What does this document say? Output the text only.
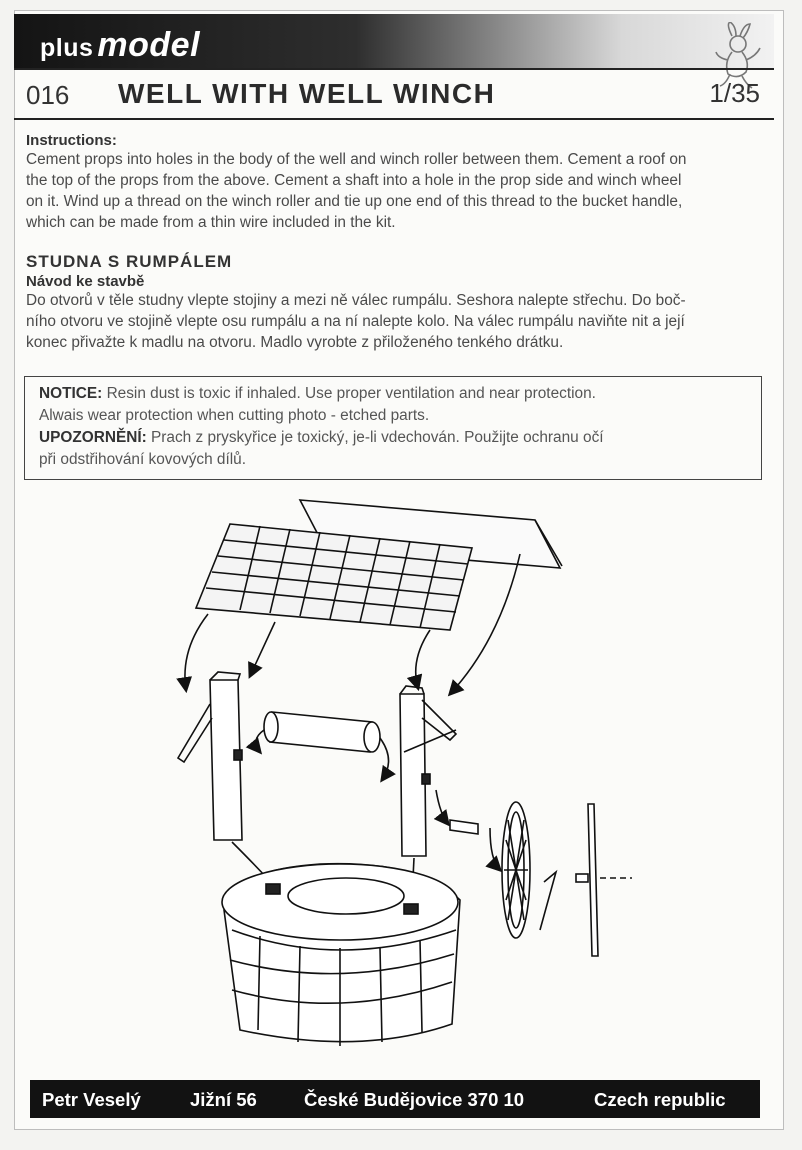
plus model
016 WELL WITH WELL WINCH	1/35
Instructions:
Cement props into holes in the body of the well and winch roller between them. Cement a roof on
the top of the props from the above. Cement a shaft into a hole in the prop side and winch wheel
on it. Wind up a thread on the winch roller and tie up one end of this thread to the bucket handle,
which can be made from a thin wire included in the kit.
STUDNA S RUMPÁLEM
Návod ke stavbě
Do otvorů v těle studny vlepte stojiny a mezi ně válec rumpálu. Seshora nalepte střechu. Do boč-
ního otvoru ve stojině vlepte osu rumpálu a na ní nalepte kolo. Na válec rumpálu naviňte nit a její
konec přivažte k madlu na otvoru. Madlo vyrobte z přiloženého tenkého drátku.
NOTICE: Resin dust is toxic if inhaled. Use proper ventilation and near protection.
Alwais wear protection when cutting photo - etched parts.
UPOZORNĚNÍ: Prach z pryskyřice je toxický, je-li vdechován. Použijte ochranu očí
při odstřihování kovových dílů.
Petr Veselý	Jižní 56	České Budějovice 370 10	Czech republic
